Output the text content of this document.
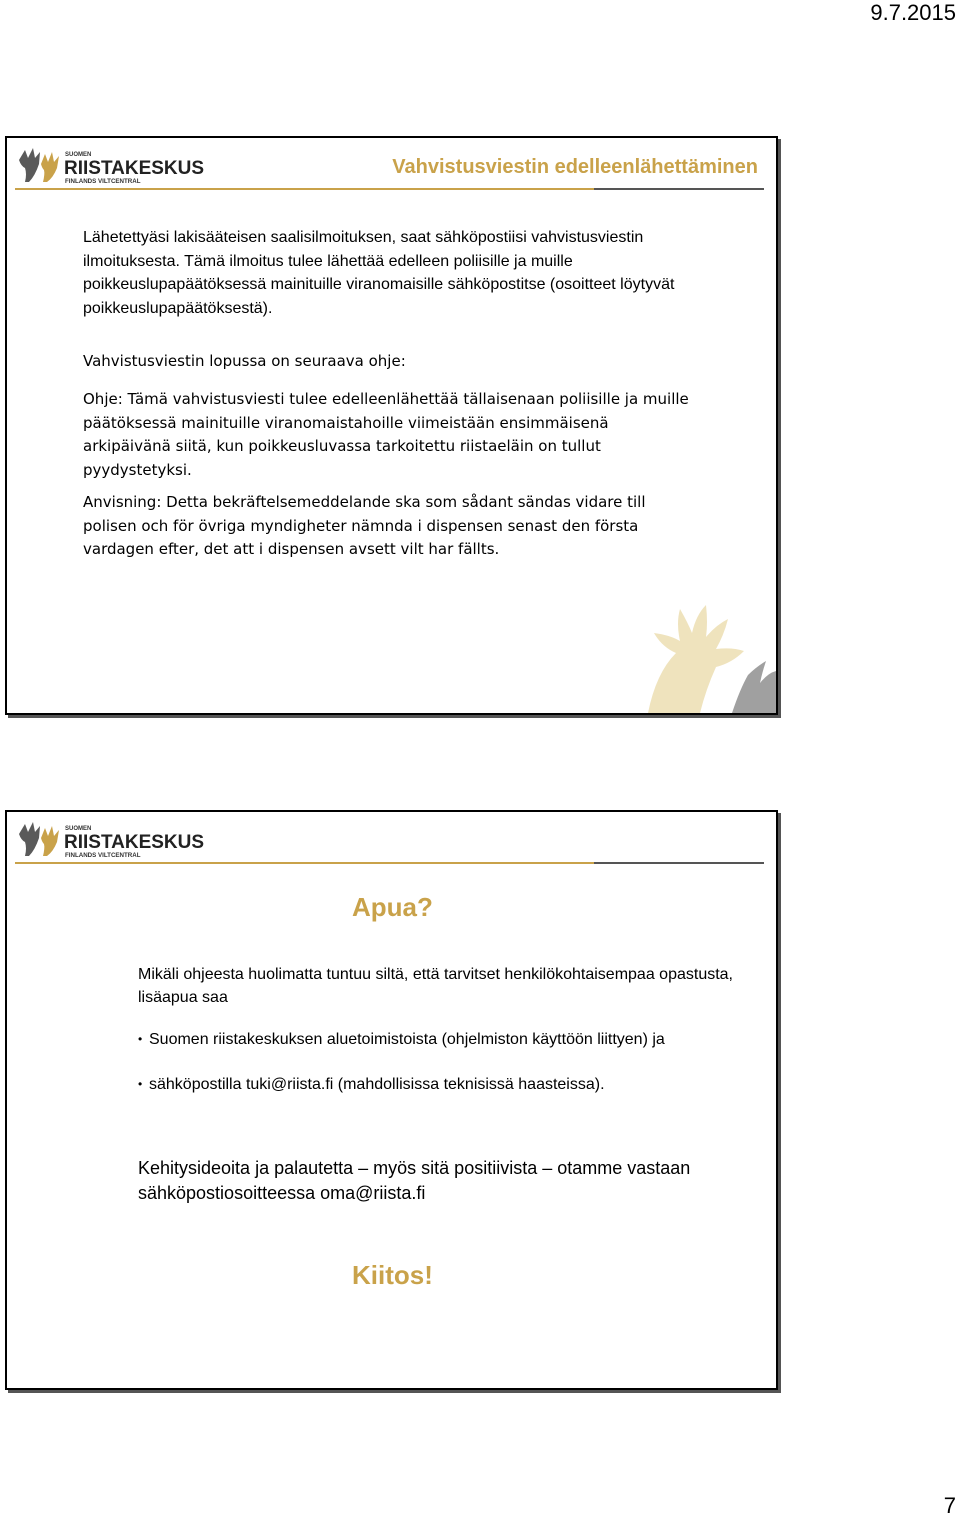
9.7.2015
SUOMEN
RIISTAKESKUS
FINLANDS VILTCENTRAL
Vahvistusviestin edelleenlähettäminen
Lähetettyäsi lakisääteisen saalisilmoituksen, saat sähköpostiisi vahvistusviestin ilmoituksesta. Tämä ilmoitus tulee lähettää edelleen poliisille ja muille poikkeuslupapäätöksessä mainituille viranomaisille sähköpostitse (osoitteet löytyvät poikkeuslupapäätöksestä).
Vahvistusviestin lopussa on seuraava ohje:
Ohje: Tämä vahvistusviesti tulee edelleenlähettää tällaisenaan poliisille ja muille päätöksessä mainituille viranomaistahoille viimeistään ensimmäisenä arkipäivänä siitä, kun poikkeusluvassa tarkoitettu riistaeläin on tullut pyydystetyksi.
Anvisning: Detta bekräftelsemeddelande ska som sådant sändas vidare till polisen och för övriga myndigheter nämnda i dispensen senast den första vardagen efter, det att i dispensen avsett vilt har fällts.
SUOMEN
RIISTAKESKUS
FINLANDS VILTCENTRAL
Apua?
Mikäli ohjeesta huolimatta tuntuu siltä, että tarvitset henkilökohtaisempaa opastusta, lisäapua saa
• Suomen riistakeskuksen aluetoimistoista (ohjelmiston käyttöön liittyen) ja
• sähköpostilla tuki@riista.fi (mahdollisissa teknisissä haasteissa).
Kehitysideoita ja palautetta – myös sitä positiivista – otamme vastaan sähköpostiosoitteessa oma@riista.fi
Kiitos!
7
